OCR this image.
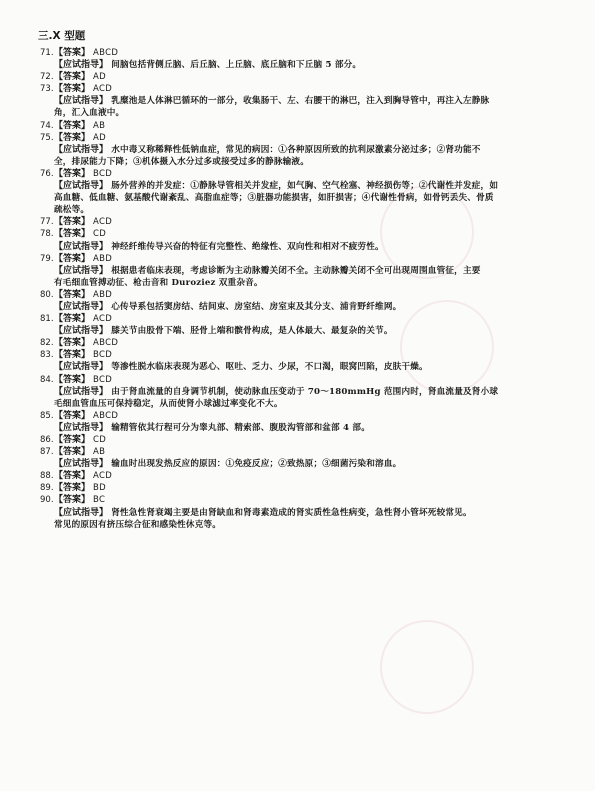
三.X 型题
71.【答案】 ABCD
【应试指导】 间脑包括背侧丘脑、后丘脑、上丘脑、底丘脑和下丘脑 5 部分。
72.【答案】 AD
73.【答案】 ACD
【应试指导】 乳糜池是人体淋巴循环的一部分，收集肠干、左、右腰干的淋巴，注入到胸导管中，再注入左静脉
角，汇入血液中。
74.【答案】 AB
75.【答案】 AD
【应试指导】 水中毒又称稀释性低钠血症，常见的病因：①各种原因所致的抗利尿激素分泌过多；②肾功能不
全，排尿能力下降；③机体摄入水分过多或接受过多的静脉输液。
76.【答案】 BCD
【应试指导】 肠外营养的并发症：①静脉导管相关并发症，如气胸、空气栓塞、神经损伤等；②代谢性并发症，如
高血糖、低血糖、氨基酸代谢紊乱、高脂血症等；③脏器功能损害，如肝损害；④代谢性骨病，如骨钙丢失、骨质
疏松等。
77.【答案】 ACD
78.【答案】 CD
【应试指导】 神经纤维传导兴奋的特征有完整性、绝缘性、双向性和相对不疲劳性。
79.【答案】 ABD
【应试指导】 根据患者临床表现，考虑诊断为主动脉瓣关闭不全。主动脉瓣关闭不全可出现周围血管征，主要
有毛细血管搏动征、枪击音和 Duroziez 双重杂音。
80.【答案】 ABD
【应试指导】 心传导系包括窦房结、结间束、房室结、房室束及其分支、浦肯野纤维网。
81.【答案】 ACD
【应试指导】 膝关节由股骨下端、胫骨上端和髌骨构成，是人体最大、最复杂的关节。
82.【答案】 ABCD
83.【答案】 BCD
【应试指导】 等渗性脱水临床表现为恶心、呕吐、乏力、少尿，不口渴，眼窝凹陷，皮肤干燥。
84.【答案】 BCD
【应试指导】 由于肾血流量的自身调节机制，使动脉血压变动于 70～180mmHg 范围内时，肾血流量及肾小球
毛细血管血压可保持稳定，从而使肾小球滤过率变化不大。
85.【答案】 ABCD
【应试指导】 输精管依其行程可分为睾丸部、精索部、腹股沟管部和盆部 4 部。
86.【答案】 CD
87.【答案】 AB
【应试指导】 输血时出现发热反应的原因：①免疫反应；②致热原；③细菌污染和溶血。
88.【答案】 ACD
89.【答案】 BD
90.【答案】 BC
【应试指导】 肾性急性肾衰竭主要是由肾缺血和肾毒素造成的肾实质性急性病变，急性肾小管坏死较常见。
常见的原因有挤压综合征和感染性休克等。
